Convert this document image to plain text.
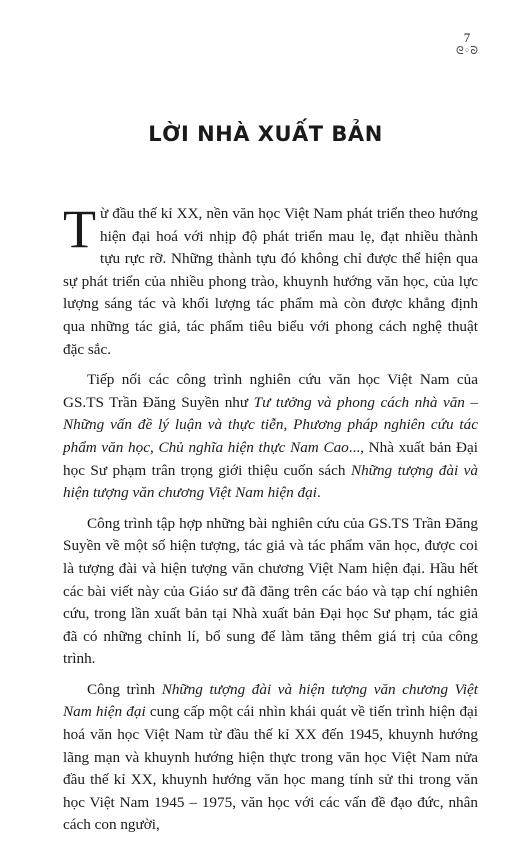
7
ᘓ◦ᘐ
LỜI NHÀ XUẤT BẢN

Từ đầu thế kỉ XX, nền văn học Việt Nam phát triển theo hướng hiện đại hoá với nhịp độ phát triển mau lẹ, đạt nhiều thành tựu rực rỡ. Những thành tựu đó không chỉ được thể hiện qua sự phát triển của nhiều phong trào, khuynh hướng văn học, của lực lượng sáng tác và khối lượng tác phẩm mà còn được khẳng định qua những tác giả, tác phẩm tiêu biểu với phong cách nghệ thuật đặc sắc.

Tiếp nối các công trình nghiên cứu văn học Việt Nam của GS.TS Trần Đăng Suyền như Tư tưởng và phong cách nhà văn – Những vấn đề lý luận và thực tiễn, Phương pháp nghiên cứu tác phẩm văn học, Chủ nghĩa hiện thực Nam Cao..., Nhà xuất bản Đại học Sư phạm trân trọng giới thiệu cuốn sách Những tượng đài và hiện tượng văn chương Việt Nam hiện đại.

Công trình tập hợp những bài nghiên cứu của GS.TS Trần Đăng Suyền về một số hiện tượng, tác giả và tác phẩm văn học, được coi là tượng đài và hiện tượng văn chương Việt Nam hiện đại. Hầu hết các bài viết này của Giáo sư đã đăng trên các báo và tạp chí nghiên cứu, trong lần xuất bản tại Nhà xuất bản Đại học Sư phạm, tác giả đã có những chỉnh lí, bổ sung để làm tăng thêm giá trị của công trình.

Công trình Những tượng đài và hiện tượng văn chương Việt Nam hiện đại cung cấp một cái nhìn khái quát về tiến trình hiện đại hoá văn học Việt Nam từ đầu thế kỉ XX đến 1945, khuynh hướng lãng mạn và khuynh hướng hiện thực trong văn học Việt Nam nửa đầu thế kỉ XX, khuynh hướng văn học mang tính sử thi trong văn học Việt Nam 1945 – 1975, văn học với các vấn đề đạo đức, nhân cách con người,
